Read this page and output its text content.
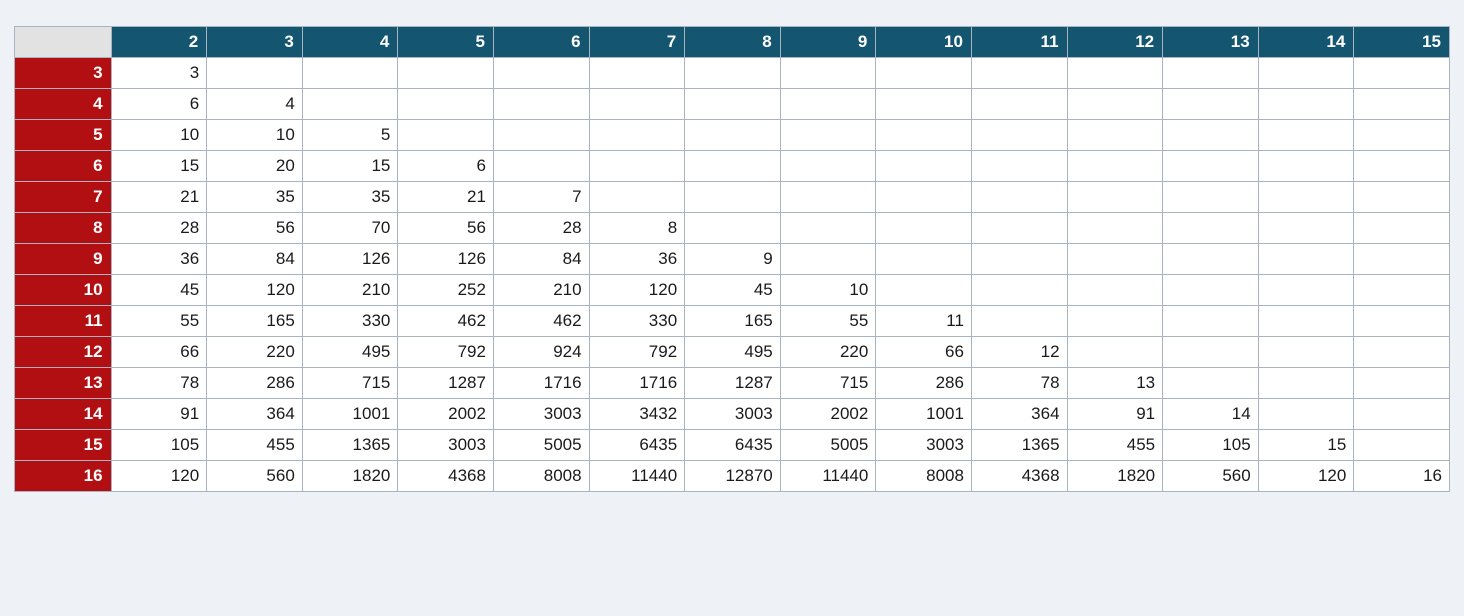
	2	3	4	5	6	7	8	9	10	11	12	13	14	15
3	3													
4	6	4												
5	10	10	5											
6	15	20	15	6										
7	21	35	35	21	7									
8	28	56	70	56	28	8								
9	36	84	126	126	84	36	9							
10	45	120	210	252	210	120	45	10						
11	55	165	330	462	462	330	165	55	11					
12	66	220	495	792	924	792	495	220	66	12				
13	78	286	715	1287	1716	1716	1287	715	286	78	13			
14	91	364	1001	2002	3003	3432	3003	2002	1001	364	91	14		
15	105	455	1365	3003	5005	6435	6435	5005	3003	1365	455	105	15	
16	120	560	1820	4368	8008	11440	12870	11440	8008	4368	1820	560	120	16
